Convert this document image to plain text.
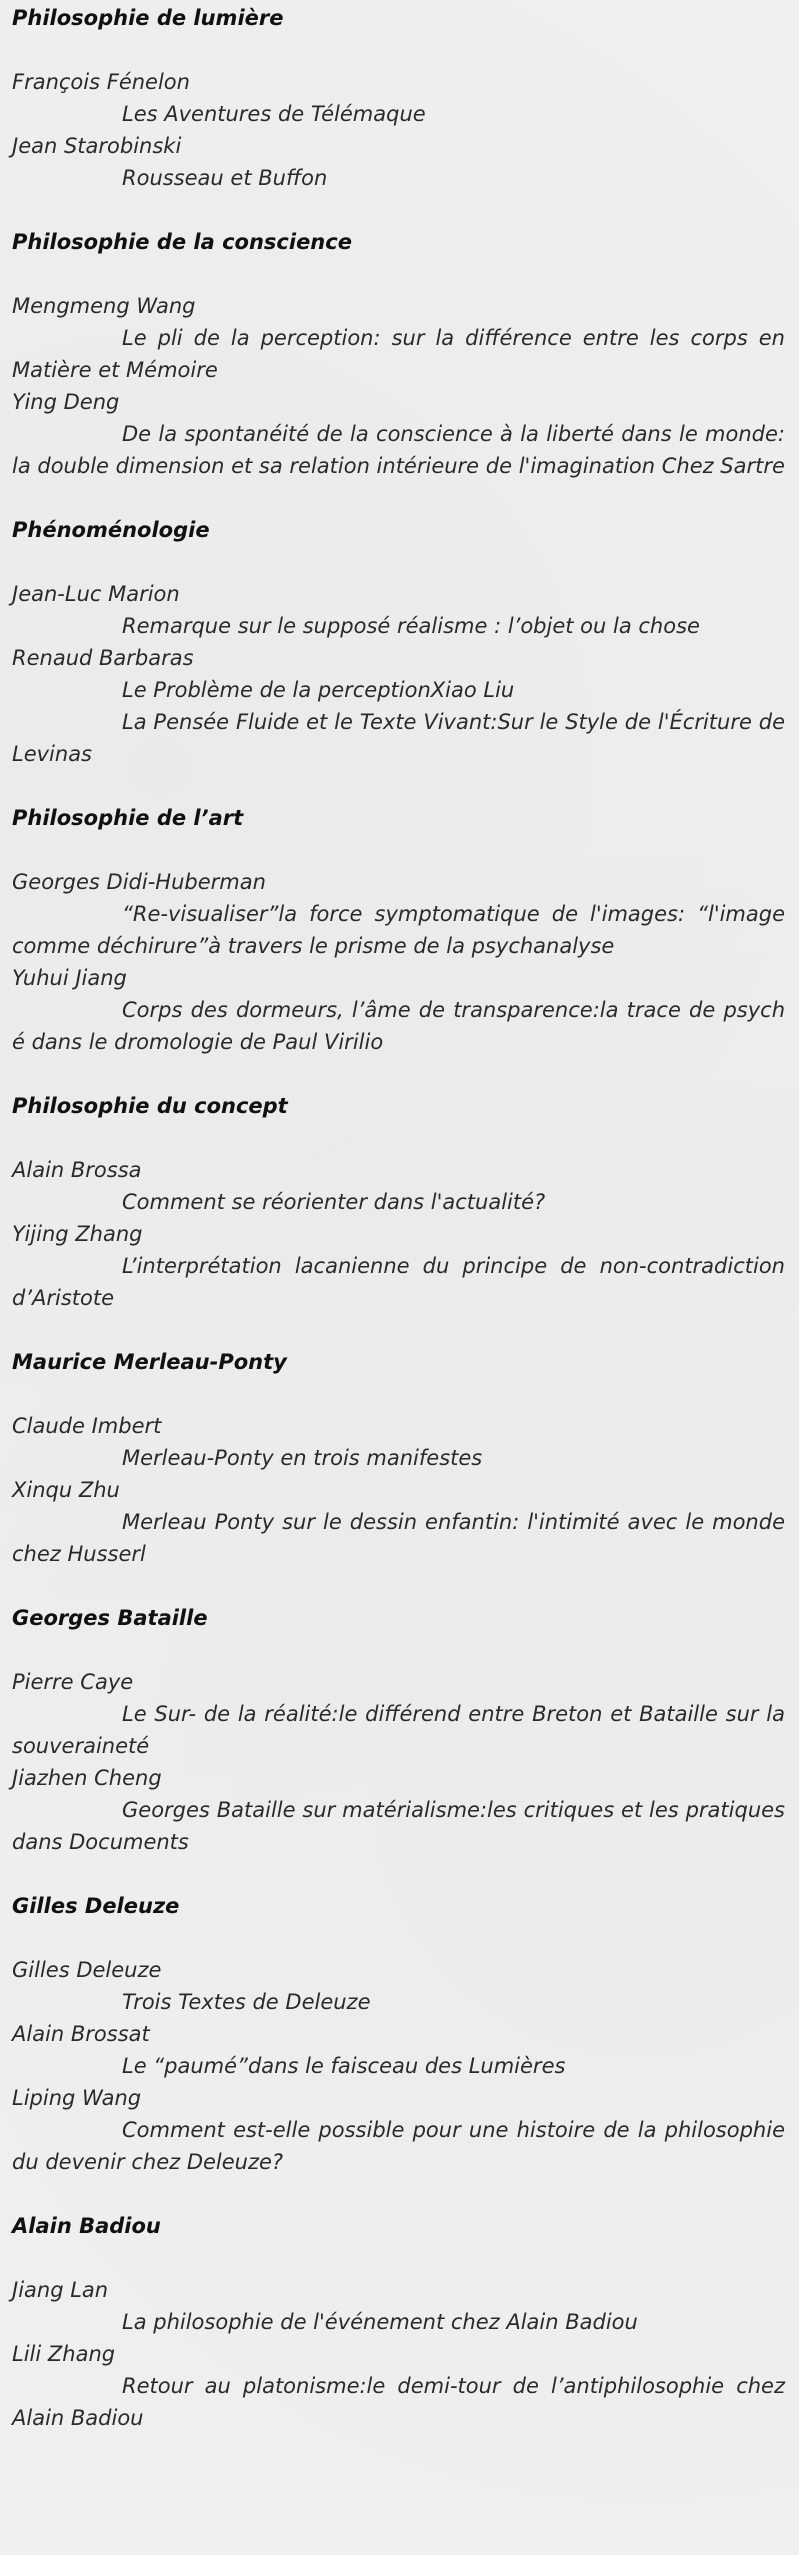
Philosophie de lumière
François Fénelon
Les Aventures de Télémaque
Jean Starobinski
Rousseau et Buffon
Philosophie de la conscience
Mengmeng Wang
Le pli de la perception: sur la différence entre les corps en Matière et Mémoire
Ying Deng
De la spontanéité de la conscience à la liberté dans le monde: la double dimension et sa relation intérieure de l'imagination Chez Sartre
Phénoménologie
Jean-Luc Marion
Remarque sur le supposé réalisme : l’objet ou la chose
Renaud Barbaras
Le Problème de la perceptionXiao Liu
La Pensée Fluide et le Texte Vivant:Sur le Style de l'Écriture de Levinas
Philosophie de l’art
Georges Didi-Huberman
“Re-visualiser”la force symptomatique de l'images: “l'image comme déchirure”à travers le prisme de la psychanalyse
Yuhui Jiang
Corps des dormeurs, l’âme de transparence:la trace de psych é dans le dromologie de Paul Virilio
Philosophie du concept
Alain Brossa
Comment se réorienter dans l'actualité?
Yijing Zhang
L’interprétation lacanienne du principe de non-contradiction d’Aristote
Maurice Merleau-Ponty
Claude Imbert
Merleau-Ponty en trois manifestes
Xinqu Zhu
Merleau Ponty sur le dessin enfantin: l'intimité avec le monde chez Husserl
Georges Bataille
Pierre Caye
Le Sur- de la réalité:le différend entre Breton et Bataille sur la souveraineté
Jiazhen Cheng
Georges Bataille sur matérialisme:les critiques et les pratiques dans Documents
Gilles Deleuze
Gilles Deleuze
Trois Textes de Deleuze
Alain Brossat
Le “paumé”dans le faisceau des Lumières
Liping Wang
Comment est-elle possible pour une histoire de la philosophie du devenir chez Deleuze?
Alain Badiou
Jiang Lan
La philosophie de l'événement chez Alain Badiou
Lili Zhang
Retour au platonisme:le demi-tour de l’antiphilosophie chez Alain Badiou
